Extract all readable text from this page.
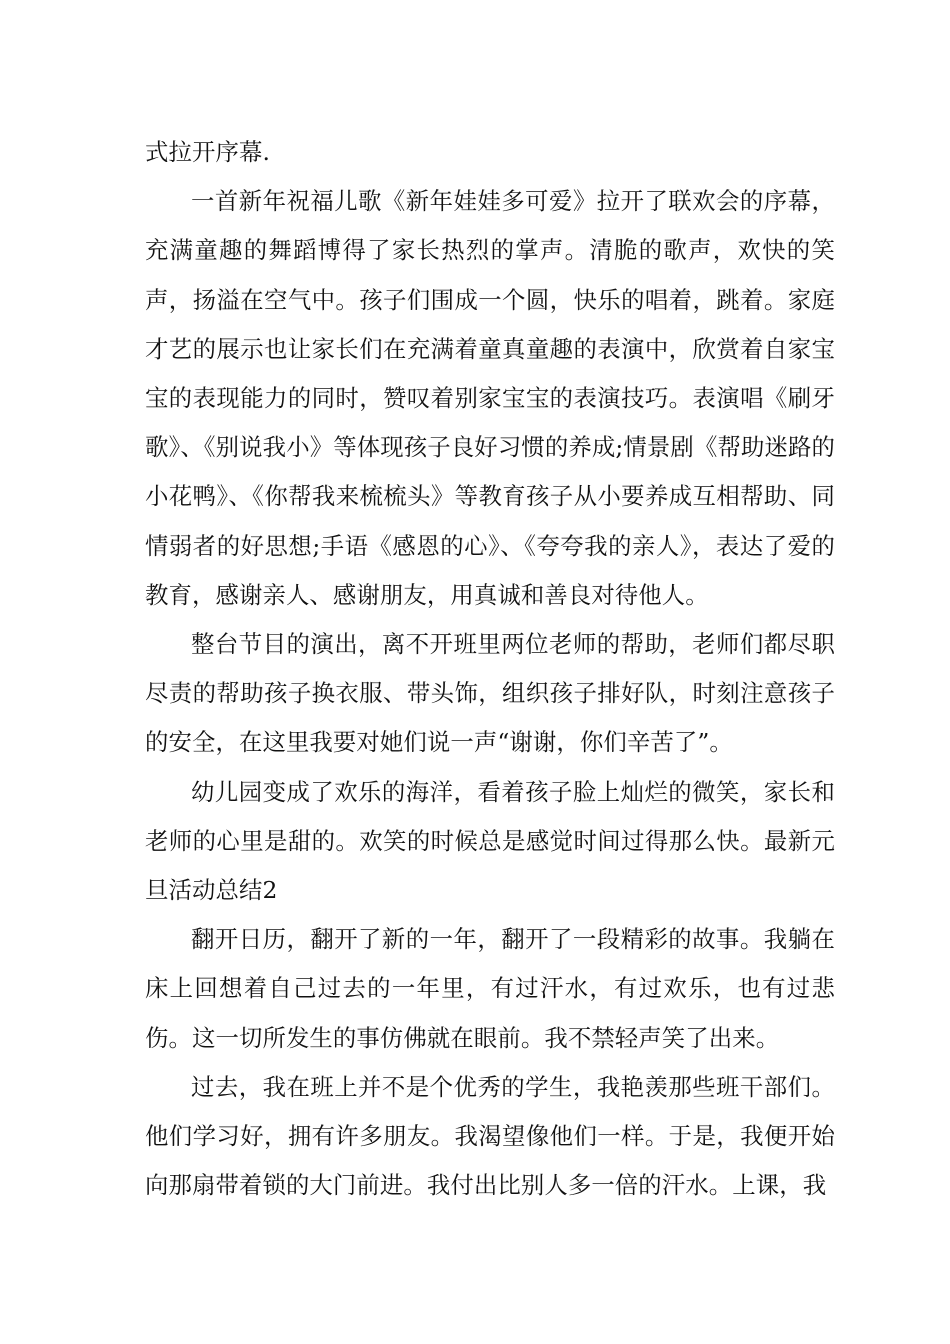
式拉开序幕.

一首新年祝福儿歌《新年娃娃多可爱》拉开了联欢会的序幕，充满童趣的舞蹈博得了家长热烈的掌声。清脆的歌声，欢快的笑声，扬溢在空气中。孩子们围成一个圆，快乐的唱着，跳着。家庭才艺的展示也让家长们在充满着童真童趣的表演中，欣赏着自家宝宝的表现能力的同时，赞叹着别家宝宝的表演技巧。表演唱《刷牙歌》、《别说我小》等体现孩子良好习惯的养成;情景剧《帮助迷路的小花鸭》、《你帮我来梳梳头》等教育孩子从小要养成互相帮助、同情弱者的好思想;手语《感恩的心》、《夸夸我的亲人》，表达了爱的教育，感谢亲人、感谢朋友，用真诚和善良对待他人。

整台节目的演出，离不开班里两位老师的帮助，老师们都尽职尽责的帮助孩子换衣服、带头饰，组织孩子排好队，时刻注意孩子的安全，在这里我要对她们说一声“谢谢，你们辛苦了”。

幼儿园变成了欢乐的海洋，看着孩子脸上灿烂的微笑，家长和老师的心里是甜的。欢笑的时候总是感觉时间过得那么快。最新元旦活动总结2

翻开日历，翻开了新的一年，翻开了一段精彩的故事。我躺在床上回想着自己过去的一年里，有过汗水，有过欢乐，也有过悲伤。这一切所发生的事仿佛就在眼前。我不禁轻声笑了出来。

过去，我在班上并不是个优秀的学生，我艳羡那些班干部们。他们学习好，拥有许多朋友。我渴望像他们一样。于是，我便开始向那扇带着锁的大门前进。我付出比别人多一倍的汗水。上课，我
